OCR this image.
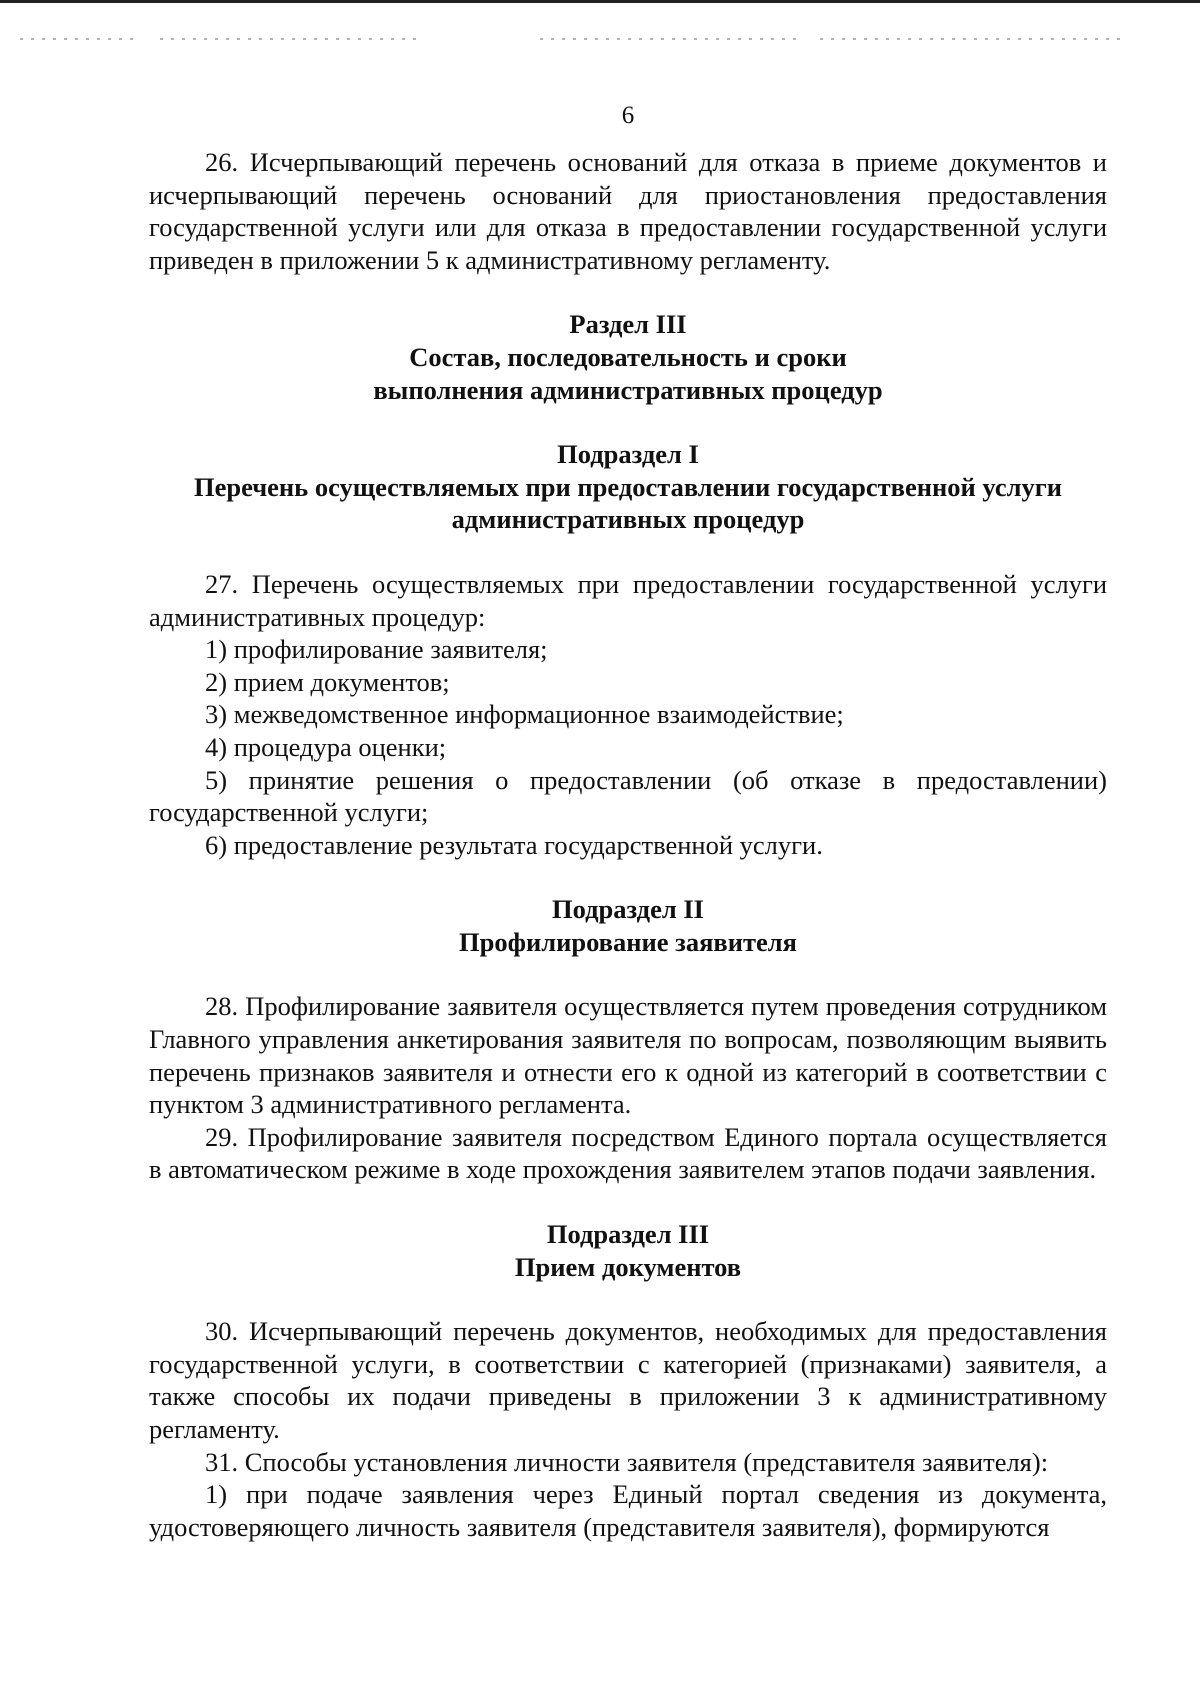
6

26. Исчерпывающий перечень оснований для отказа в приеме документов и исчерпывающий перечень оснований для приостановления предоставления государственной услуги или для отказа в предоставлении государственной услуги приведен в приложении 5 к административному регламенту.

Раздел III
Состав, последовательность и сроки
выполнения административных процедур
Подраздел I
Перечень осуществляемых при предоставлении государственной услуги
административных процедур

27. Перечень осуществляемых при предоставлении государственной услуги административных процедур:

1) профилирование заявителя;

2) прием документов;

3) межведомственное информационное взаимодействие;

4) процедура оценки;

5) принятие решения о предоставлении (об отказе в предоставлении) государственной услуги;

6) предоставление результата государственной услуги.

Подраздел II
Профилирование заявителя

28. Профилирование заявителя осуществляется путем проведения сотрудником Главного управления анкетирования заявителя по вопросам, позволяющим выявить перечень признаков заявителя и отнести его к одной из категорий в соответствии с пунктом 3 административного регламента.

29. Профилирование заявителя посредством Единого портала осуществляется в автоматическом режиме в ходе прохождения заявителем этапов подачи заявления.

Подраздел III
Прием документов

30. Исчерпывающий перечень документов, необходимых для предоставления государственной услуги, в соответствии с категорией (признаками) заявителя, а также способы их подачи приведены в приложении 3 к административному регламенту.

31. Способы установления личности заявителя (представителя заявителя):

1) при подаче заявления через Единый портал сведения из документа, удостоверяющего личность заявителя (представителя заявителя), формируются
